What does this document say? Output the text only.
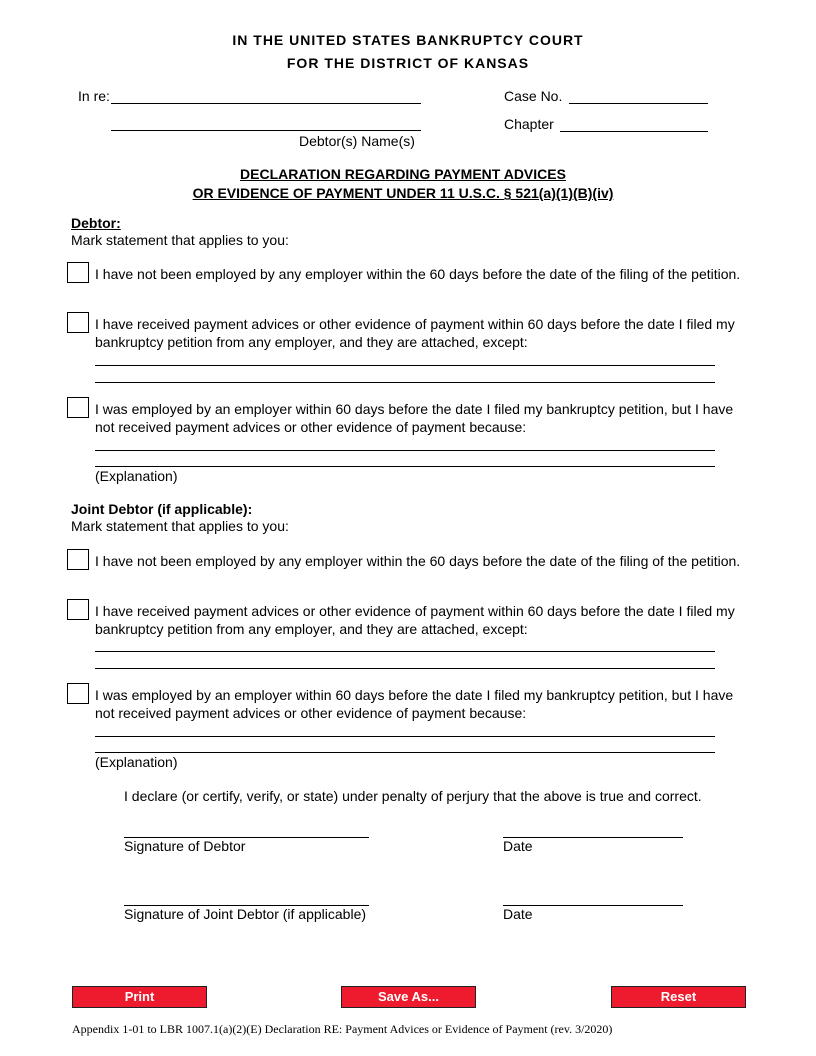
IN THE UNITED STATES BANKRUPTCY COURT
FOR THE DISTRICT OF KANSAS
In re:
Debtor(s) Name(s)
Case No.
Chapter
DECLARATION REGARDING PAYMENT ADVICES
OR EVIDENCE OF PAYMENT UNDER 11 U.S.C. § 521(a)(1)(B)(iv)
Debtor:
Mark statement that applies to you:
I have not been employed by any employer within the 60 days before the date of the filing of the petition.
I have received payment advices or other evidence of payment within 60 days before the date I filed my bankruptcy petition from any employer, and they are attached, except:
I was employed by an employer within 60 days before the date I filed my bankruptcy petition, but I have not received payment advices or other evidence of payment because:
(Explanation)
Joint Debtor (if applicable):
Mark statement that applies to you:
I have not been employed by any employer within the 60 days before the date of the filing of the petition.
I have received payment advices or other evidence of payment within 60 days before the date I filed my bankruptcy petition from any employer, and they are attached, except:
I was employed by an employer within 60 days before the date I filed my bankruptcy petition, but I have not received payment advices or other evidence of payment because:
(Explanation)
I declare (or certify, verify, or state) under penalty of perjury that the above is true and correct.
Signature of Debtor	Date
Signature of Joint Debtor (if applicable)	Date
Print	Save As...	Reset
Appendix 1-01 to LBR 1007.1(a)(2)(E) Declaration RE: Payment Advices or Evidence of Payment (rev. 3/2020)
